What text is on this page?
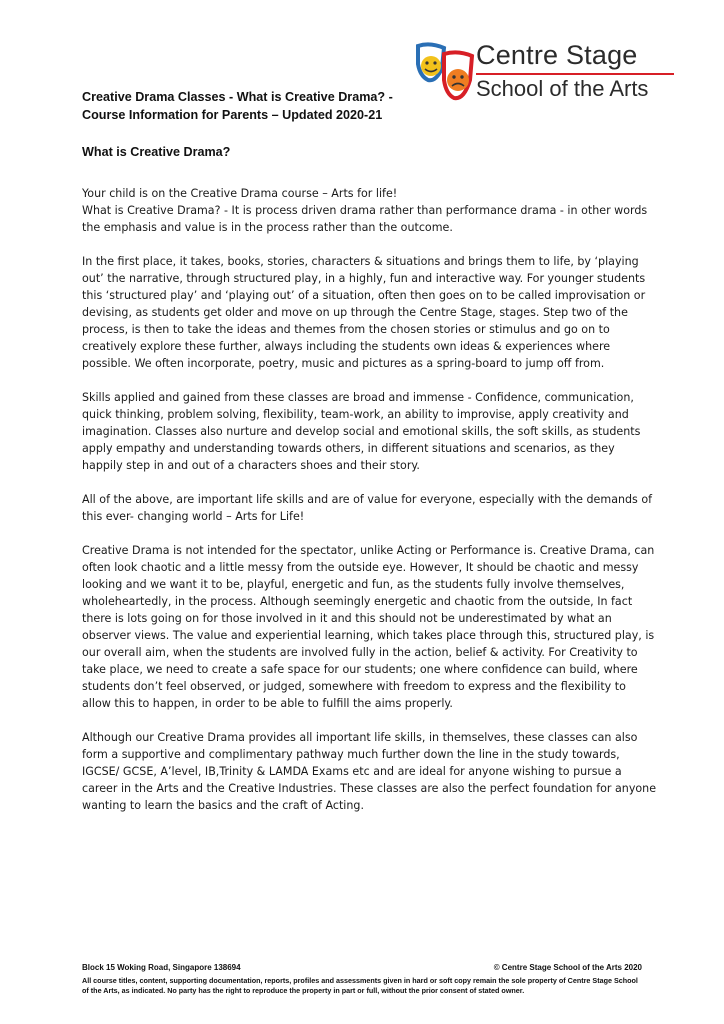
Centre Stage
School of the Arts
Creative Drama Classes - What is Creative Drama? -
Course Information for Parents – Updated 2020-21
What is Creative Drama?

Your child is on the Creative Drama course – Arts for life!

What is Creative Drama? - It is process driven drama rather than performance drama - in other words the emphasis and value is in the process rather than the outcome.

In the first place, it takes, books, stories, characters & situations and brings them to life, by ‘playing out’ the narrative, through structured play, in a highly, fun and interactive way. For younger students this ‘structured play’ and ‘playing out’ of a situation, often then goes on to be called improvisation or devising, as students get older and move on up through the Centre Stage, stages. Step two of the process, is then to take the ideas and themes from the chosen stories or stimulus and go on to creatively explore these further, always including the students own ideas & experiences where possible. We often incorporate, poetry, music and pictures as a spring-board to jump off from.

Skills applied and gained from these classes are broad and immense - Confidence, communication, quick thinking, problem solving, flexibility, team-work, an ability to improvise, apply creativity and imagination. Classes also nurture and develop social and emotional skills, the soft skills, as students apply empathy and understanding towards others, in different situations and scenarios, as they happily step in and out of a characters shoes and their story.

All of the above, are important life skills and are of value for everyone, especially with the demands of this ever- changing world – Arts for Life!

Creative Drama is not intended for the spectator, unlike Acting or Performance is. Creative Drama, can often look chaotic and a little messy from the outside eye. However, It should be chaotic and messy looking and we want it to be, playful, energetic and fun, as the students fully involve themselves, wholeheartedly, in the process. Although seemingly energetic and chaotic from the outside, In fact there is lots going on for those involved in it and this should not be underestimated by what an observer views. The value and experiential learning, which takes place through this, structured play, is our overall aim, when the students are involved fully in the action, belief & activity. For Creativity to take place, we need to create a safe space for our students; one where confidence can build, where students don’t feel observed, or judged, somewhere with freedom to express and the flexibility to allow this to happen, in order to be able to fulfill the aims properly.

Although our Creative Drama provides all important life skills, in themselves, these classes can also form a supportive and complimentary pathway much further down the line in the study towards, IGCSE/ GCSE, A’level, IB,Trinity & LAMDA Exams etc and are ideal for anyone wishing to pursue a career in the Arts and the Creative Industries. These classes are also the perfect foundation for anyone wanting to learn the basics and the craft of Acting.

Block 15 Woking Road, Singapore 138694	© Centre Stage School of the Arts 2020
All course titles, content, supporting documentation, reports, profiles and assessments given in hard or soft copy remain the sole property of Centre Stage School of the Arts, as indicated. No party has the right to reproduce the property in part or full, without the prior consent of stated owner.
